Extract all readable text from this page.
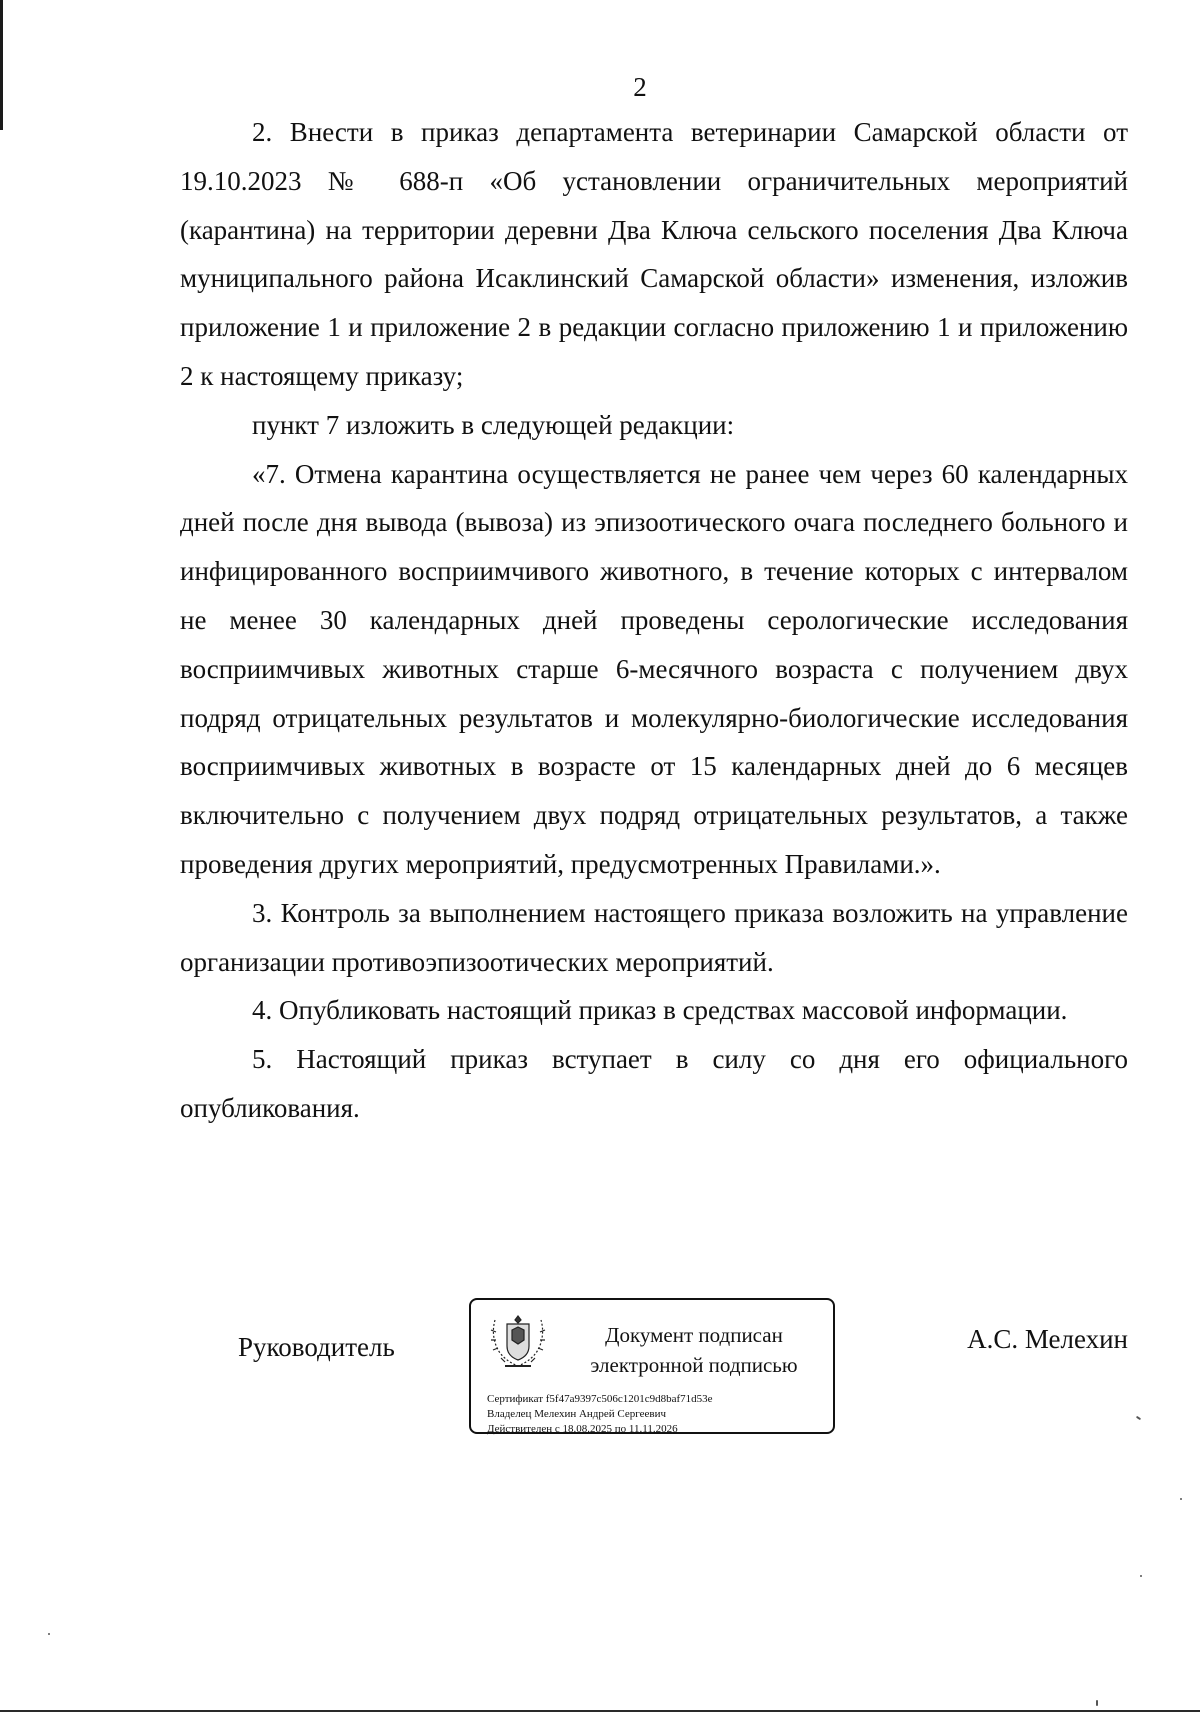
2

2. Внести в приказ департамента ветеринарии Самарской области от 19.10.2023 № 688-п «Об установлении ограничительных мероприятий (карантина) на территории деревни Два Ключа сельского поселения Два Ключа муниципального района Исаклинский Самарской области» изменения, изложив приложение 1 и приложение 2 в редакции согласно приложению 1 и приложению 2 к настоящему приказу;

пункт 7 изложить в следующей редакции:

«7. Отмена карантина осуществляется не ранее чем через 60 календарных дней после дня вывода (вывоза) из эпизоотического очага последнего больного и инфицированного восприимчивого животного, в течение которых с интервалом не менее 30 календарных дней проведены серологические исследования восприимчивых животных старше 6-месячного возраста с получением двух подряд отрицательных результатов и молекулярно-биологические исследования восприимчивых животных в возрасте от 15 календарных дней до 6 месяцев включительно с получением двух подряд отрицательных результатов, а также проведения других мероприятий, предусмотренных Правилами.».

3. Контроль за выполнением настоящего приказа возложить на управление организации противоэпизоотических мероприятий.

4. Опубликовать настоящий приказ в средствах массовой информации.

5. Настоящий приказ вступает в силу со дня его официального опубликования.

Руководитель	Документ подписан
электронной подписью
Сертификат f5f47a9397c506c1201c9d8baf71d53e
Владелец Мелехин Андрей Сергеевич
Действителен с 18.08.2025 по 11.11.2026
А.С. Мелехин
